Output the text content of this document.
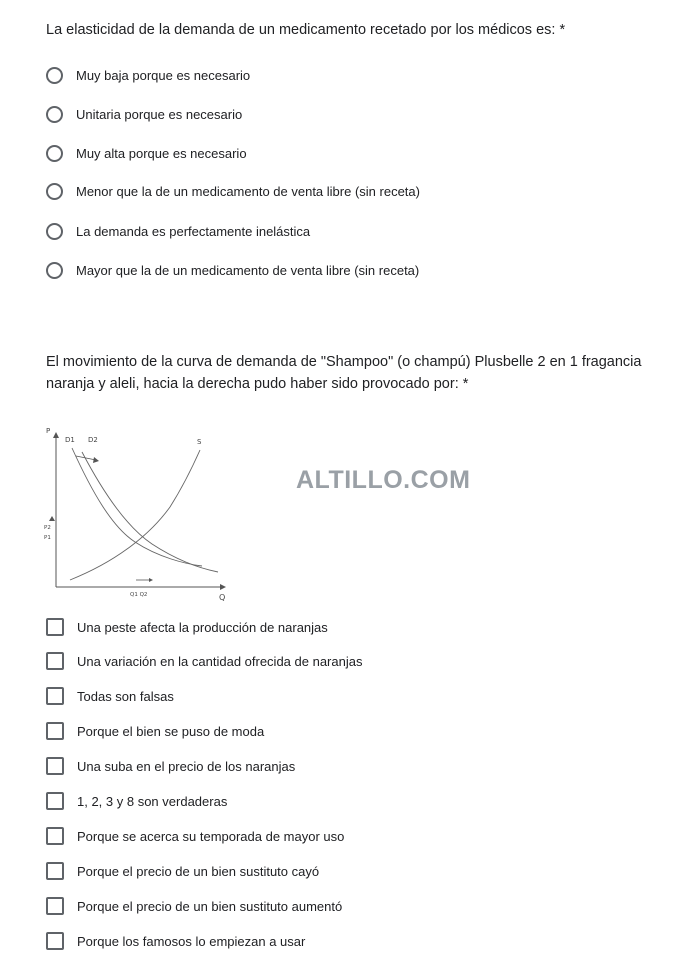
La elasticidad de la demanda de un medicamento recetado por los médicos es: *
Muy baja porque es necesario
Unitaria porque es necesario
Muy alta porque es necesario
Menor que la de un medicamento de venta libre (sin receta)
La demanda es perfectamente inelástica
Mayor que la de un medicamento de venta libre (sin receta)
El movimiento de la curva de demanda de "Shampoo" (o champú) Plusbelle 2 en 1 fragancia naranja y aleli, hacia la derecha pudo haber sido provocado por: *
P
Q
D1 D2	S
P2
P1
Q1 Q2
ALTILLO.COM
Una peste afecta la producción de naranjas
Una variación en la cantidad ofrecida de naranjas
Todas son falsas
Porque el bien se puso de moda
Una suba en el precio de los naranjas
1, 2, 3 y 8 son verdaderas
Porque se acerca su temporada de mayor uso
Porque el precio de un bien sustituto cayó
Porque el precio de un bien sustituto aumentó
Porque los famosos lo empiezan a usar
